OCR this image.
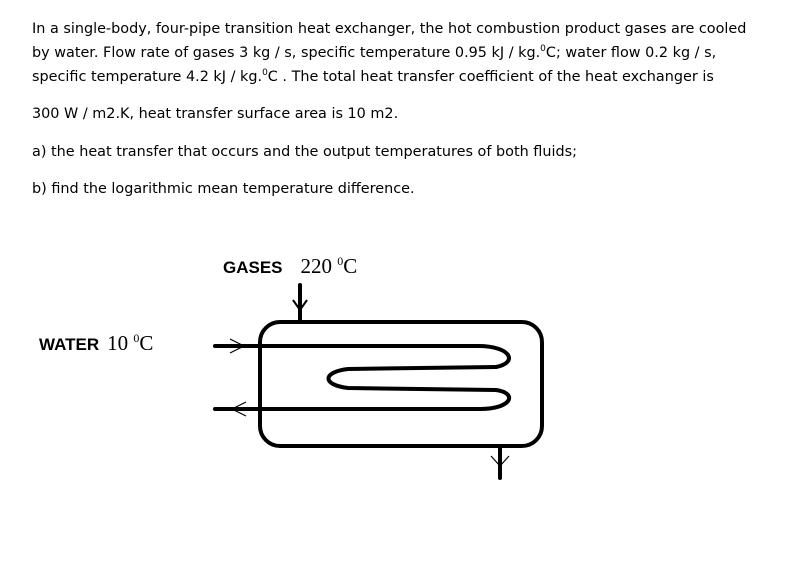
In a single-body, four-pipe transition heat exchanger, the hot combustion product gases are cooled
by water. Flow rate of gases 3 kg / s, specific temperature 0.95 kJ / kg.$^0$C; water flow 0.2 kg / s,
specific temperature 4.2 kJ / kg.$^0$C . The total heat transfer coefficient of the heat exchanger is
300 W / m2.K, heat transfer surface area is 10 m2.
a) the heat transfer that occurs and the output temperatures of both fluids;
b) find the logarithmic mean temperature difference.
GASES 220 $^0$C
WATER 10 $^0$C
